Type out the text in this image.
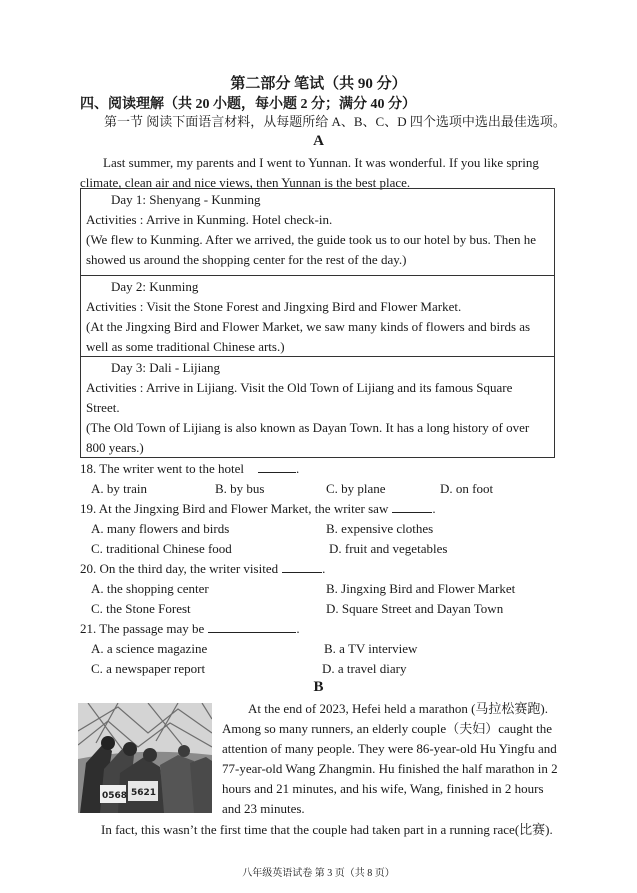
第二部分 笔试（共 90 分）
四、阅读理解（共 20 小题，每小题 2 分；满分 40 分）
第一节 阅读下面语言材料，从每题所给 A、B、C、D 四个选项中选出最佳选项。
A
Last summer, my parents and I went to Yunnan. It was wonderful. If you like spring
climate, clean air and nice views, then Yunnan is the best place.
Day 1: Shenyang - Kunming
Activities : Arrive in Kunming. Hotel check-in.
(We flew to Kunming. After we arrived, the guide took us to our hotel by bus. Then he
showed us around the shopping center for the rest of the day.)
Day 2: Kunming
Activities : Visit the Stone Forest and Jingxing Bird and Flower Market.
(At the Jingxing Bird and Flower Market, we saw many kinds of flowers and birds as
well as some traditional Chinese arts.)
Day 3: Dali - Lijiang
Activities : Arrive in Lijiang. Visit the Old Town of Lijiang and its famous Square
Street.
(The Old Town of Lijiang is also known as Dayan Town. It has a long history of over
800 years.)
18. The writer went to the hotel	.
A. by train	B. by bus	C. by plane	D. on foot
19. At the Jingxing Bird and Flower Market, the writer saw	.
A. many flowers and birds	B. expensive clothes
C. traditional Chinese food	D. fruit and vegetables
20. On the third day, the writer visited	.
A. the shopping center	B. Jingxing Bird and Flower Market
C. the Stone Forest	D. Square Street and Dayan Town
21. The passage may be	.
A. a science magazine	B. a TV interview
C. a newspaper report	D. a travel diary
B
0568 5621
At the end of 2023, Hefei held a marathon (马拉松赛跑).
Among so many runners, an elderly couple（夫妇）caught the
attention of many people. They were 86-year-old Hu Yingfu and
77-year-old Wang Zhangmin. Hu finished the half marathon in 2
hours and 21 minutes, and his wife, Wang, finished in 2 hours
and 23 minutes.
In fact, this wasn’t the first time that the couple had taken part in a running race(比赛).
八年级英语试卷 第 3 页（共 8 页）
